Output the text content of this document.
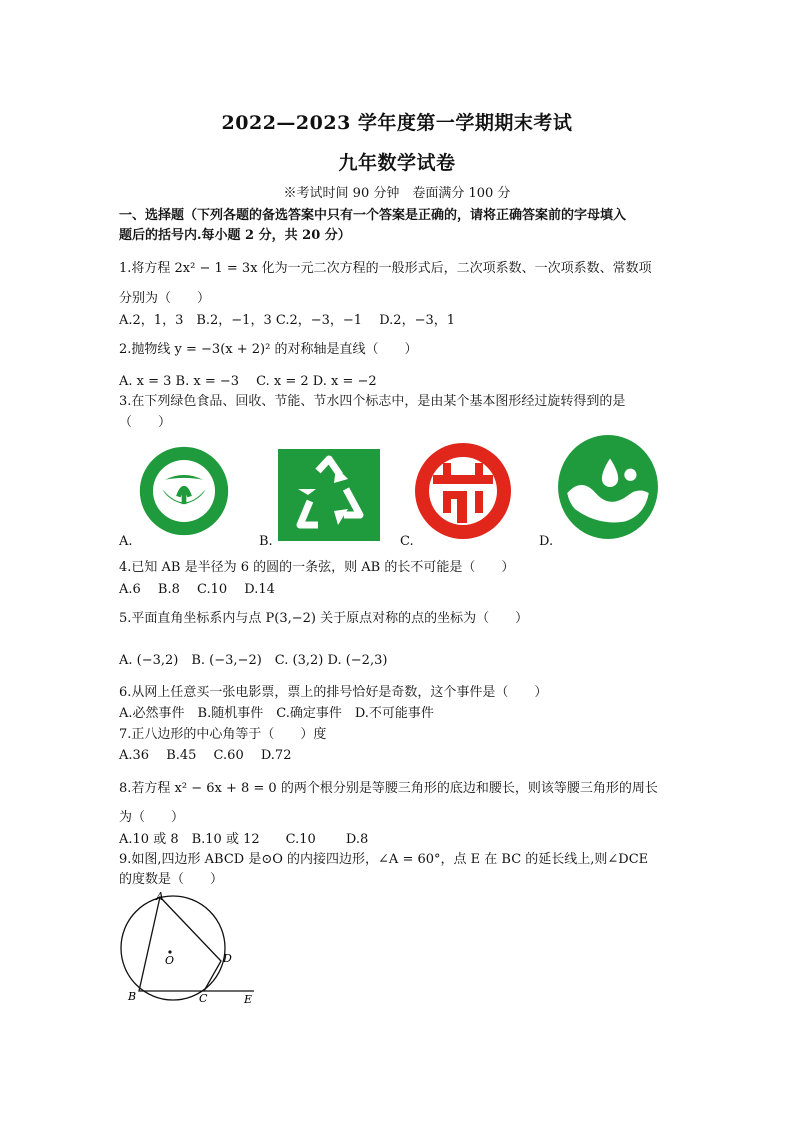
2022—2023 学年度第一学期期末考试
九年数学试卷
※考试时间 90 分钟　卷面满分 100 分
一、选择题（下列各题的备选答案中只有一个答案是正确的，请将正确答案前的字母填入
题后的括号内.每小题 2 分，共 20 分）
1.将方程 2x² − 1 = 3x 化为一元二次方程的一般形式后，二次项系数、一次项系数、常数项
分别为（　　）
A.2，1，3　B.2，−1，3 C.2，−3，−1　 D.2，−3，1
2.抛物线 y = −3(x + 2)² 的对称轴是直线（　　）
A. x = 3 B. x = −3　 C. x = 2 D. x = −2
3.在下列绿色食品、回收、节能、节水四个标志中，是由某个基本图形经过旋转得到的是
（　　）
A.	B.	C.	D.
4.已知 AB 是半径为 6 的圆的一条弦，则 AB 的长不可能是（　　）
A.6　 B.8　 C.10　 D.14
5.平面直角坐标系内与点 P(3,−2) 关于原点对称的点的坐标为（　　）
A. (−3,2)　B. (−3,−2)　C. (3,2) D. (−2,3)
6.从网上任意买一张电影票，票上的排号恰好是奇数，这个事件是（　　）
A.必然事件　B.随机事件　C.确定事件　D.不可能事件
7.正八边形的中心角等于（　　）度
A.36　 B.45　 C.60　 D.72
8.若方程 x² − 6x + 8 = 0 的两个根分别是等腰三角形的底边和腰长，则该等腰三角形的周长
为（　　）
A.10 或 8　B.10 或 12　　C.10　　 D.8
9.如图,四边形 ABCD 是⊙O 的内接四边形，∠A = 60°，点 E 在 BC 的延长线上,则∠DCE
的度数是（　　）
A
B	C
D
E
O
